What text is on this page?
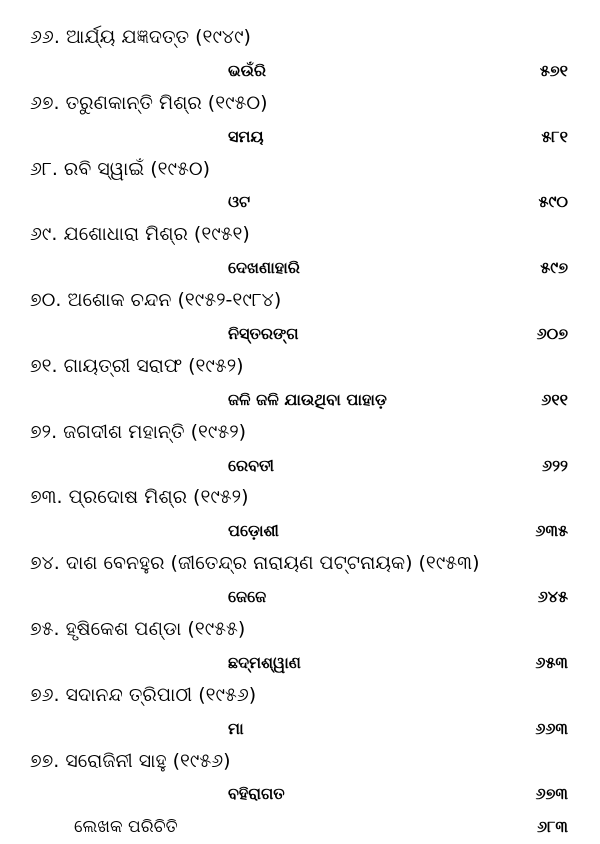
୬୬. ଆର୍ଯ୍ୟ ଯଜ୍ଞଦତ୍ତ (୧୯୪୯)
ଭଉଁରି	୫୭୧
୬୭. ତରୁଣକାନ୍ତି ମିଶ୍ର (୧୯୫୦)
ସମୟ	୫୮୧
୬୮. ରବି ସ୍ୱାଇଁ (୧୯୫୦)
ଓଟ	୫୯୦
୬୯. ଯଶୋଧାରା ମିଶ୍ର (୧୯୫୧)
ଦେଖଣାହାରି	୫୯୭
୭୦. ଅଶୋକ ଚନ୍ଦନ (୧୯୫୨-୧୯୮୪)
ନିସ୍ତରଙ୍ଗ	୬୦୭
୭୧. ଗାୟତ୍ରୀ ସରାଫ (୧୯୫୨)
ଜଳି ଜଳି ଯାଉଥିବା ପାହାଡ଼	୬୧୧
୭୨. ଜଗଦୀଶ ମହାନ୍ତି (୧୯୫୨)
ରେବତୀ	୬୨୨
୭୩. ପ୍ରଦୋଷ ମିଶ୍ର (୧୯୫୨)
ପଡ଼ୋଶୀ	୬୩୫
୭୪. ଦାଶ ବେନହୁର (ଜୀତେନ୍ଦ୍ର ନାରାୟଣ ପଟ୍ଟନାୟକ) (୧୯୫୩)
ଜେଜେ	୬୪୫
୭୫. ହୃଷିକେଶ ପଣ୍ଡା (୧୯୫୫)
ଛଦ୍ମଶ୍ୱାଣ	୬୫୩
୭୬. ସଦାନନ୍ଦ ତ୍ରିପାଠୀ (୧୯୫୬)
ମା	୬୬୩
୭୭. ସରୋଜିନୀ ସାହୁ (୧୯୫୬)
ବହିରାଗତ	୬୭୩
ଲେଖକ ପରିଚିତି	୬୮୩
